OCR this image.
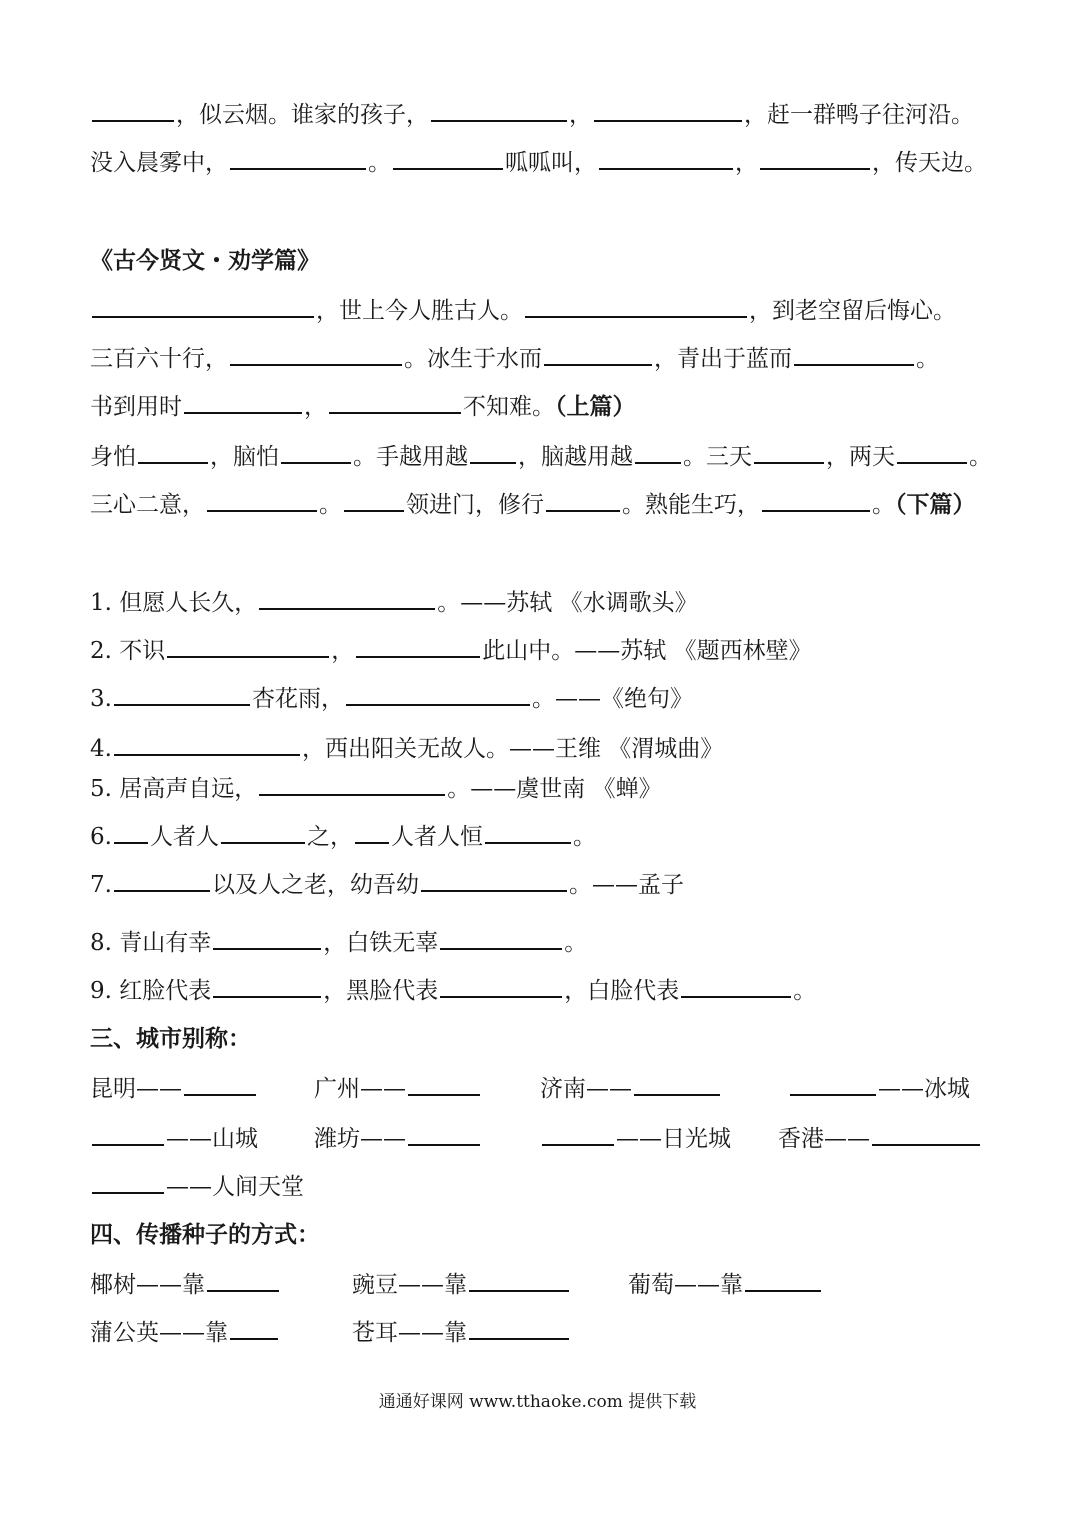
，似云烟。谁家的孩子，	，	，赶一群鸭子往河沿。
没入晨雾中，	。	呱呱叫，	，	，传天边。
《古今贤文・劝学篇》
，世上今人胜古人。	，到老空留后悔心。
三百六十行，	。冰生于水而	，青出于蓝而	。
书到用时	，	不知难。（上篇）
身怕	，脑怕	。手越用越 ，脑越用越 。三天	，两天	。
三心二意，	。	领进门，修行	。熟能生巧，	。（下篇）
1. 但愿人长久，	。——苏轼 《水调歌头》
2. 不识	，	此山中。——苏轼 《题西林壁》
3.	杏花雨，	。——《绝句》
4.	，西出阳关无故人。——王维 《渭城曲》
5. 居高声自远，	。——虞世南 《蝉》
6. 人者人	之， 人者人恒	。
7.	以及人之老，幼吾幼	。——孟子
8. 青山有幸	，白铁无辜	。
9. 红脸代表	，黑脸代表	，白脸代表	。
三、城市别称：
昆明——	广州——	济南——	——冰城
——山城 潍坊——	——日光城 香港——
——人间天堂
四、传播种子的方式：
椰树——靠	豌豆——靠	葡萄——靠
蒲公英——靠	苍耳——靠
通通好课网 www.tthaoke.com 提供下载
